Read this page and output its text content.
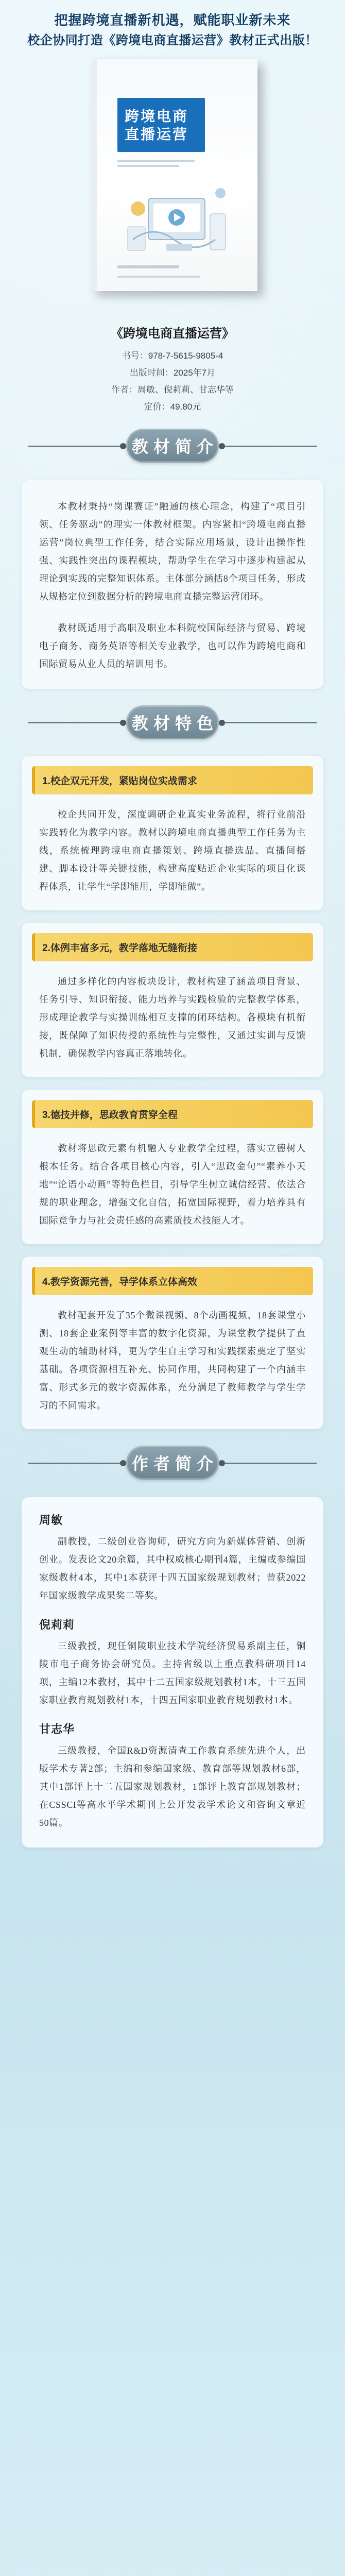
把握跨境直播新机遇，赋能职业新未来
校企协同打造《跨境电商直播运营》教材正式出版！
跨境电商
直播运营
《跨境电商直播运营》
书号：978-7-5615-9805-4
出版时间：2025年7月
作者：周敏、倪莉莉、甘志华等
定价：49.80元
教材简介

本教材秉持“岗课赛证”融通的核心理念，构建了“项目引领、任务驱动”的理实一体教材框架。内容紧扣“跨境电商直播运营”岗位典型工作任务，结合实际应用场景，设计出操作性强、实践性突出的课程模块，帮助学生在学习中逐步构建起从理论到实践的完整知识体系。主体部分涵括8个项目任务，形成从规格定位到数据分析的跨境电商直播完整运营闭环。

教材既适用于高职及职业本科院校国际经济与贸易、跨境电子商务、商务英语等相关专业教学，也可以作为跨境电商和国际贸易从业人员的培训用书。

教材特色
1.校企双元开发，紧贴岗位实战需求

校企共同开发，深度调研企业真实业务流程，将行业前沿实践转化为教学内容。教材以跨境电商直播典型工作任务为主线，系统梳理跨境电商直播策划、跨境直播选品、直播间搭建、脚本设计等关键技能，构建高度贴近企业实际的项目化课程体系，让学生“学即能用，学即能做”。

2.体例丰富多元，教学落地无缝衔接

通过多样化的内容板块设计，教材构建了涵盖项目背景、任务引导、知识衔接、能力培养与实践检验的完整教学体系，形成理论教学与实操训练相互支撑的闭环结构。各模块有机衔接，既保障了知识传授的系统性与完整性，又通过实训与反馈机制，确保教学内容真正落地转化。

3.德技并修，思政教育贯穿全程

教材将思政元素有机融入专业教学全过程，落实立德树人根本任务。结合各项目核心内容，引入“思政金句”“素养小天地”“论语小动画”等特色栏目，引导学生树立诚信经营、依法合规的职业理念，增强文化自信，拓宽国际视野，着力培养具有国际竞争力与社会责任感的高素质技术技能人才。

4.教学资源完善，导学体系立体高效

教材配套开发了35个微课视频、8个动画视频、18套课堂小测、18套企业案例等丰富的数字化资源，为课堂教学提供了直观生动的辅助材料，更为学生自主学习和实践探索奠定了坚实基础。各项资源相互补充、协同作用，共同构建了一个内涵丰富、形式多元的数字资源体系，充分满足了教师教学与学生学习的不同需求。

作者简介
周敏

副教授，二级创业咨询师，研究方向为新媒体营销、创新创业。发表论文20余篇，其中权威核心期刊4篇，主编或参编国家级教材4本，其中1本获评十四五国家级规划教材；曾获2022年国家级教学成果奖二等奖。

倪莉莉

三级教授，现任铜陵职业技术学院经济贸易系副主任，铜陵市电子商务协会研究员。主持省级以上重点教科研项目14项，主编12本教材，其中十二五国家级规划教材1本，十三五国家职业教育规划教材1本，十四五国家职业教育规划教材1本。

甘志华

三级教授，全国R&D资源清查工作教育系统先进个人，出版学术专著2部；主编和参编国家级、教育部等规划教材6部，其中1部评上十二五国家规划教材，1部评上教育部规划教材；在CSSCI等高水平学术期刊上公开发表学术论文和咨询文章近50篇。
